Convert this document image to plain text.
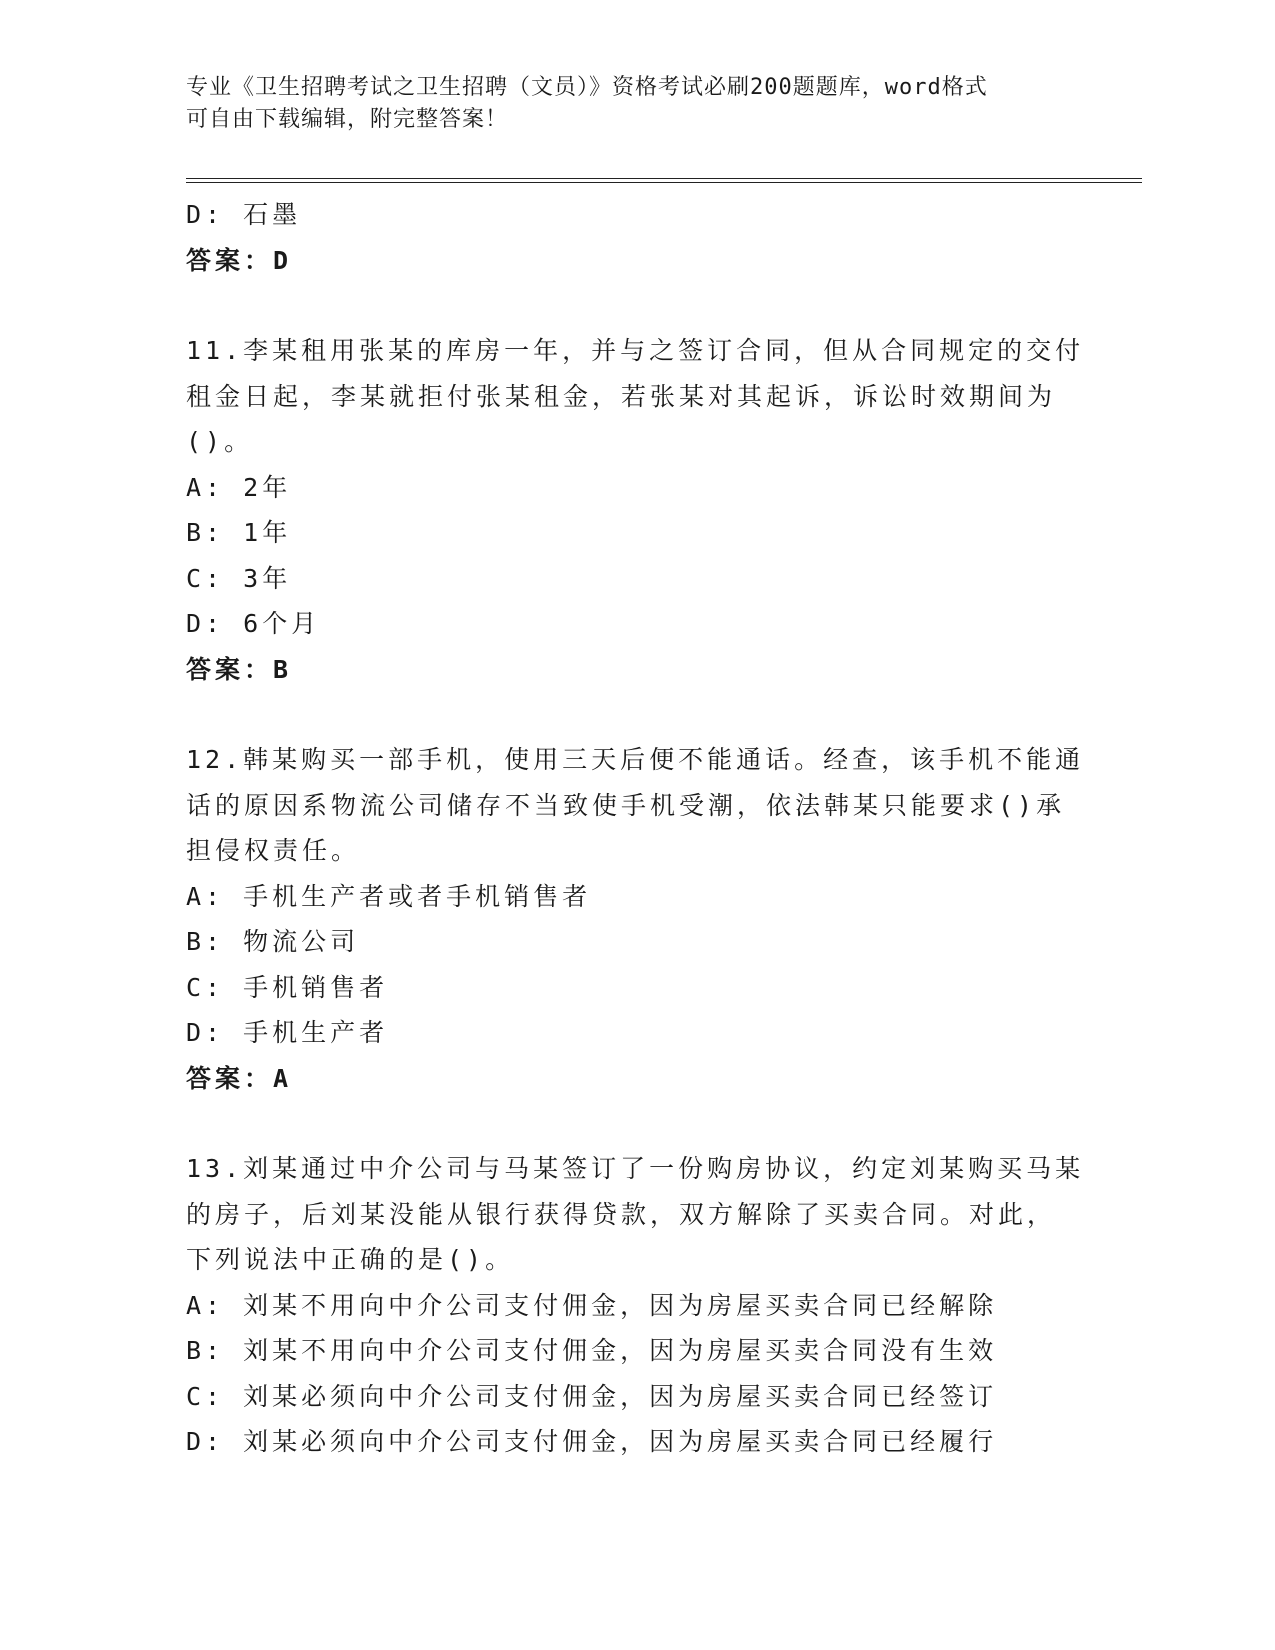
专业《卫生招聘考试之卫生招聘（文员）》资格考试必刷200题题库，word格式
可自由下载编辑，附完整答案！
D: 石墨
答案：D
11.李某租用张某的库房一年，并与之签订合同，但从合同规定的交付
租金日起，李某就拒付张某租金，若张某对其起诉，诉讼时效期间为
()。
A: 2年
B: 1年
C: 3年
D: 6个月
答案：B
12.韩某购买一部手机，使用三天后便不能通话。经查，该手机不能通
话的原因系物流公司储存不当致使手机受潮，依法韩某只能要求()承
担侵权责任。
A: 手机生产者或者手机销售者
B: 物流公司
C: 手机销售者
D: 手机生产者
答案：A
13.刘某通过中介公司与马某签订了一份购房协议，约定刘某购买马某
的房子，后刘某没能从银行获得贷款，双方解除了买卖合同。对此，
下列说法中正确的是()。
A: 刘某不用向中介公司支付佣金，因为房屋买卖合同已经解除
B: 刘某不用向中介公司支付佣金，因为房屋买卖合同没有生效
C: 刘某必须向中介公司支付佣金，因为房屋买卖合同已经签订
D: 刘某必须向中介公司支付佣金，因为房屋买卖合同已经履行
